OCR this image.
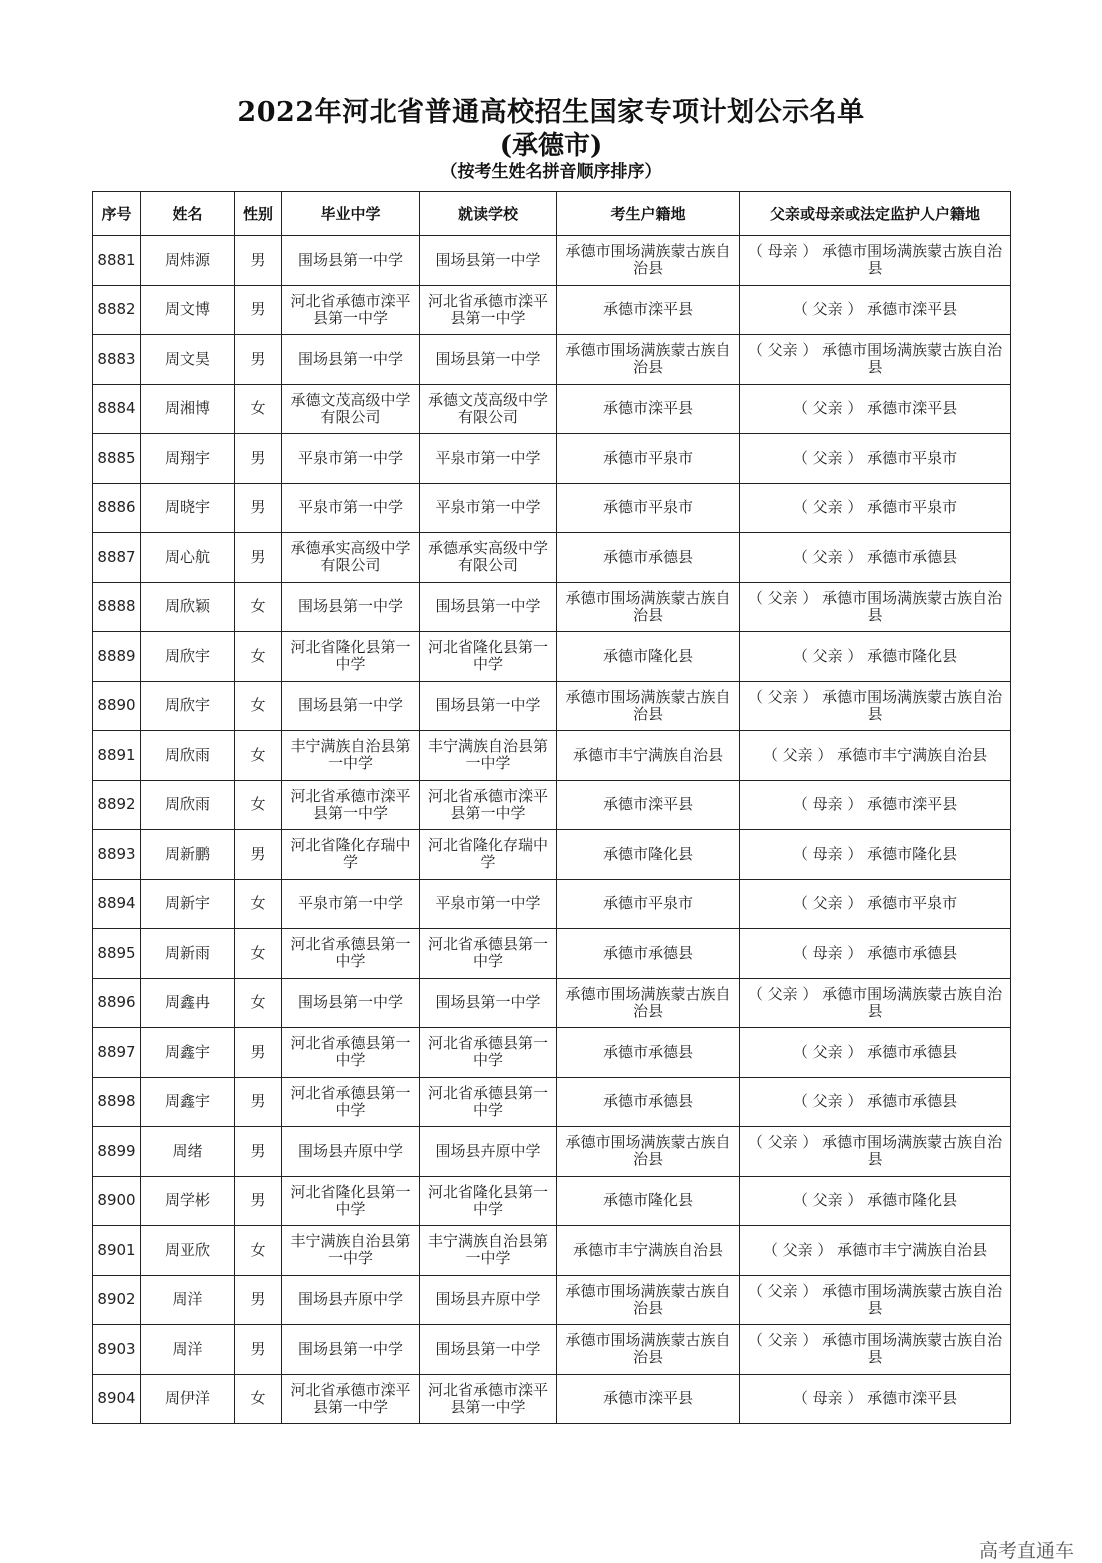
2022年河北省普通高校招生国家专项计划公示名单
(承德市)
（按考生姓名拼音顺序排序）
序号	姓名	性别	毕业中学	就读学校	考生户籍地	父亲或母亲或法定监护人户籍地
8881	周炜源	男	围场县第一中学	围场县第一中学	承德市围场满族蒙古族自治县	（ 母亲 ） 承德市围场满族蒙古族自治县
8882	周文博	男	河北省承德市滦平县第一中学	河北省承德市滦平县第一中学	承德市滦平县	（ 父亲 ） 承德市滦平县
8883	周文昊	男	围场县第一中学	围场县第一中学	承德市围场满族蒙古族自治县	（ 父亲 ） 承德市围场满族蒙古族自治县
8884	周湘博	女	承德文茂高级中学有限公司	承德文茂高级中学有限公司	承德市滦平县	（ 父亲 ） 承德市滦平县
8885	周翔宇	男	平泉市第一中学	平泉市第一中学	承德市平泉市	（ 父亲 ） 承德市平泉市
8886	周晓宇	男	平泉市第一中学	平泉市第一中学	承德市平泉市	（ 父亲 ） 承德市平泉市
8887	周心航	男	承德承实高级中学有限公司	承德承实高级中学有限公司	承德市承德县	（ 父亲 ） 承德市承德县
8888	周欣颖	女	围场县第一中学	围场县第一中学	承德市围场满族蒙古族自治县	（ 父亲 ） 承德市围场满族蒙古族自治县
8889	周欣宇	女	河北省隆化县第一中学	河北省隆化县第一中学	承德市隆化县	（ 父亲 ） 承德市隆化县
8890	周欣宇	女	围场县第一中学	围场县第一中学	承德市围场满族蒙古族自治县	（ 父亲 ） 承德市围场满族蒙古族自治县
8891	周欣雨	女	丰宁满族自治县第一中学	丰宁满族自治县第一中学	承德市丰宁满族自治县	（ 父亲 ） 承德市丰宁满族自治县
8892	周欣雨	女	河北省承德市滦平县第一中学	河北省承德市滦平县第一中学	承德市滦平县	（ 母亲 ） 承德市滦平县
8893	周新鹏	男	河北省隆化存瑞中学	河北省隆化存瑞中学	承德市隆化县	（ 母亲 ） 承德市隆化县
8894	周新宇	女	平泉市第一中学	平泉市第一中学	承德市平泉市	（ 父亲 ） 承德市平泉市
8895	周新雨	女	河北省承德县第一中学	河北省承德县第一中学	承德市承德县	（ 母亲 ） 承德市承德县
8896	周鑫冉	女	围场县第一中学	围场县第一中学	承德市围场满族蒙古族自治县	（ 父亲 ） 承德市围场满族蒙古族自治县
8897	周鑫宇	男	河北省承德县第一中学	河北省承德县第一中学	承德市承德县	（ 父亲 ） 承德市承德县
8898	周鑫宇	男	河北省承德县第一中学	河北省承德县第一中学	承德市承德县	（ 父亲 ） 承德市承德县
8899	周绪	男	围场县卉原中学	围场县卉原中学	承德市围场满族蒙古族自治县	（ 父亲 ） 承德市围场满族蒙古族自治县
8900	周学彬	男	河北省隆化县第一中学	河北省隆化县第一中学	承德市隆化县	（ 父亲 ） 承德市隆化县
8901	周亚欣	女	丰宁满族自治县第一中学	丰宁满族自治县第一中学	承德市丰宁满族自治县	（ 父亲 ） 承德市丰宁满族自治县
8902	周洋	男	围场县卉原中学	围场县卉原中学	承德市围场满族蒙古族自治县	（ 父亲 ） 承德市围场满族蒙古族自治县
8903	周洋	男	围场县第一中学	围场县第一中学	承德市围场满族蒙古族自治县	（ 父亲 ） 承德市围场满族蒙古族自治县
8904	周伊洋	女	河北省承德市滦平县第一中学	河北省承德市滦平县第一中学	承德市滦平县	（ 母亲 ） 承德市滦平县
高考直通车
